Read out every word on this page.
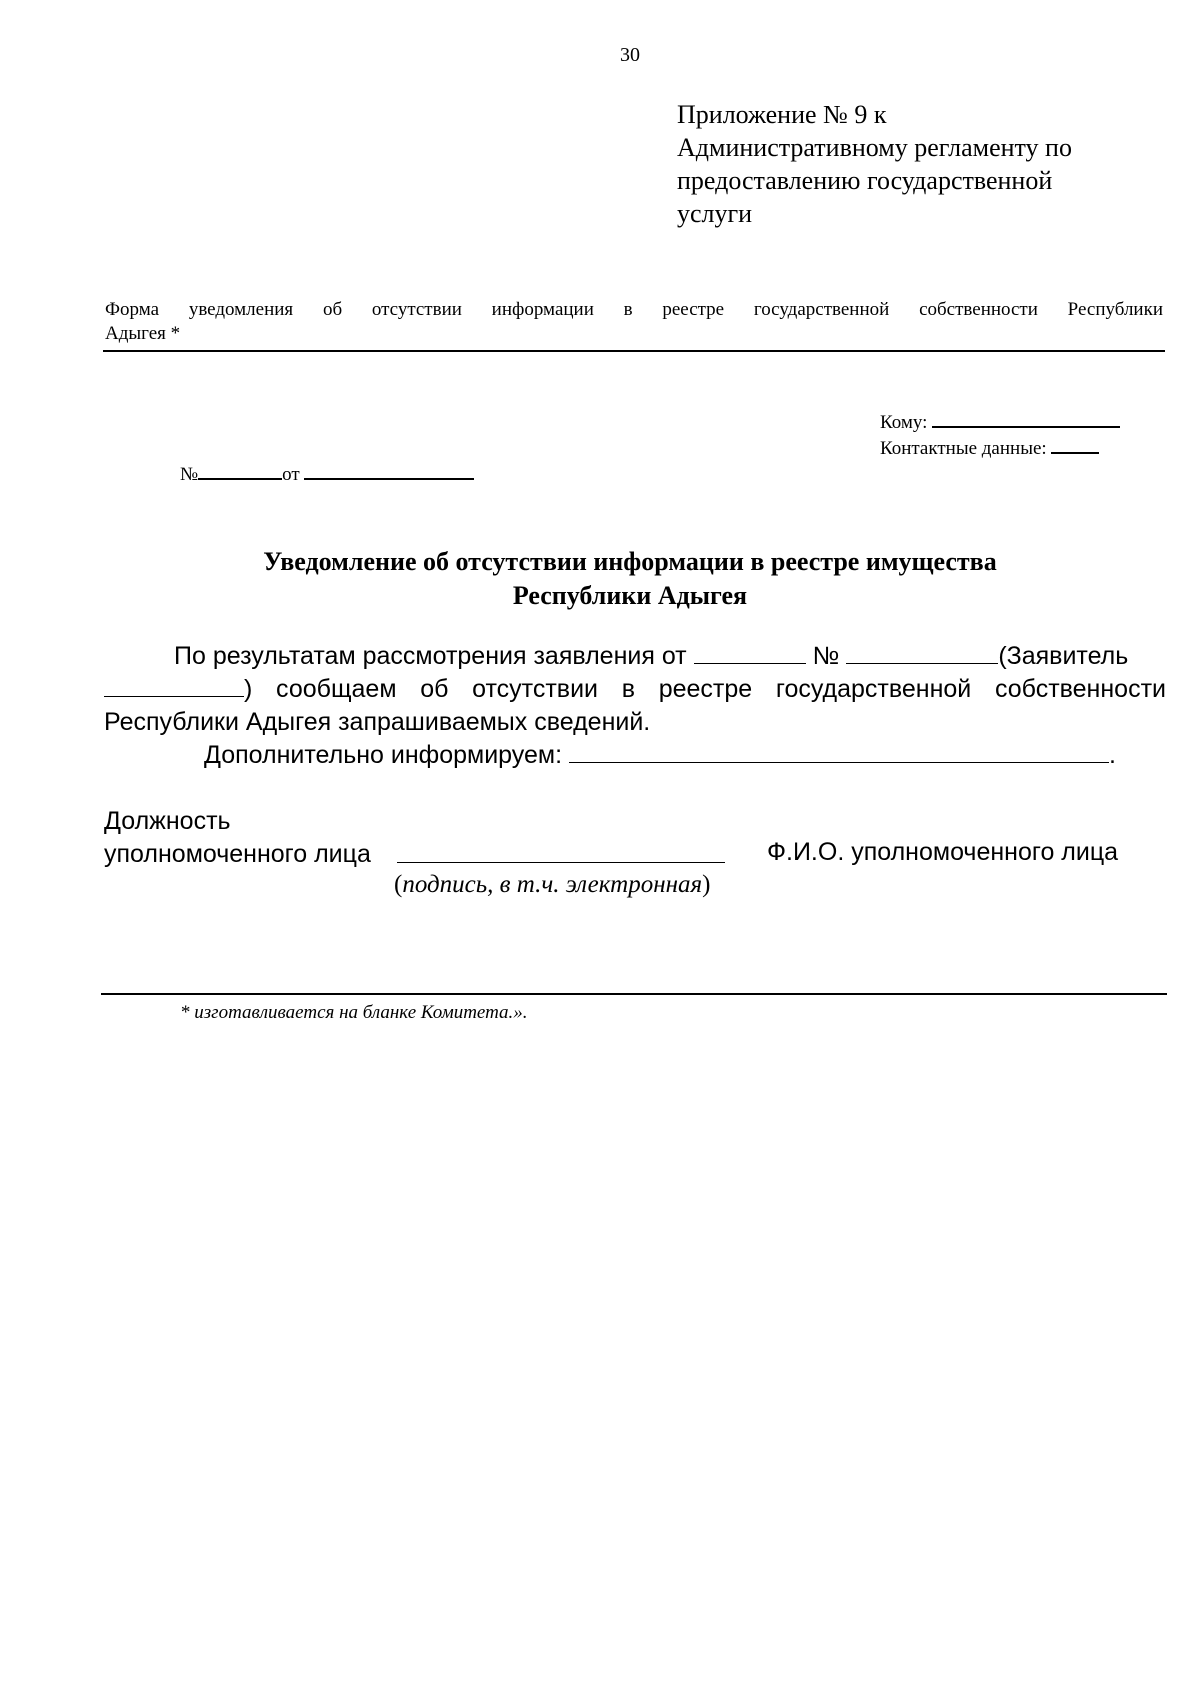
30
Приложение № 9 к
Административному регламенту по
предоставлению государственной
услуги
Форма уведомления об отсутствии информации в реестре государственной собственности Республики
Адыгея *
Кому:
Контактные данные:
№	от
Уведомление об отсутствии информации в реестре имущества
Республики Адыгея
По результатам рассмотрения заявления от	№	(Заявитель
) сообщаем об отсутствии в реестре государственной собственности
Республики Адыгея запрашиваемых сведений.
Дополнительно информируем:	.
Должность
уполномоченного лица	Ф.И.О. уполномоченного лица
(подпись, в т.ч. электронная)
* изготавливается на бланке Комитета.».
